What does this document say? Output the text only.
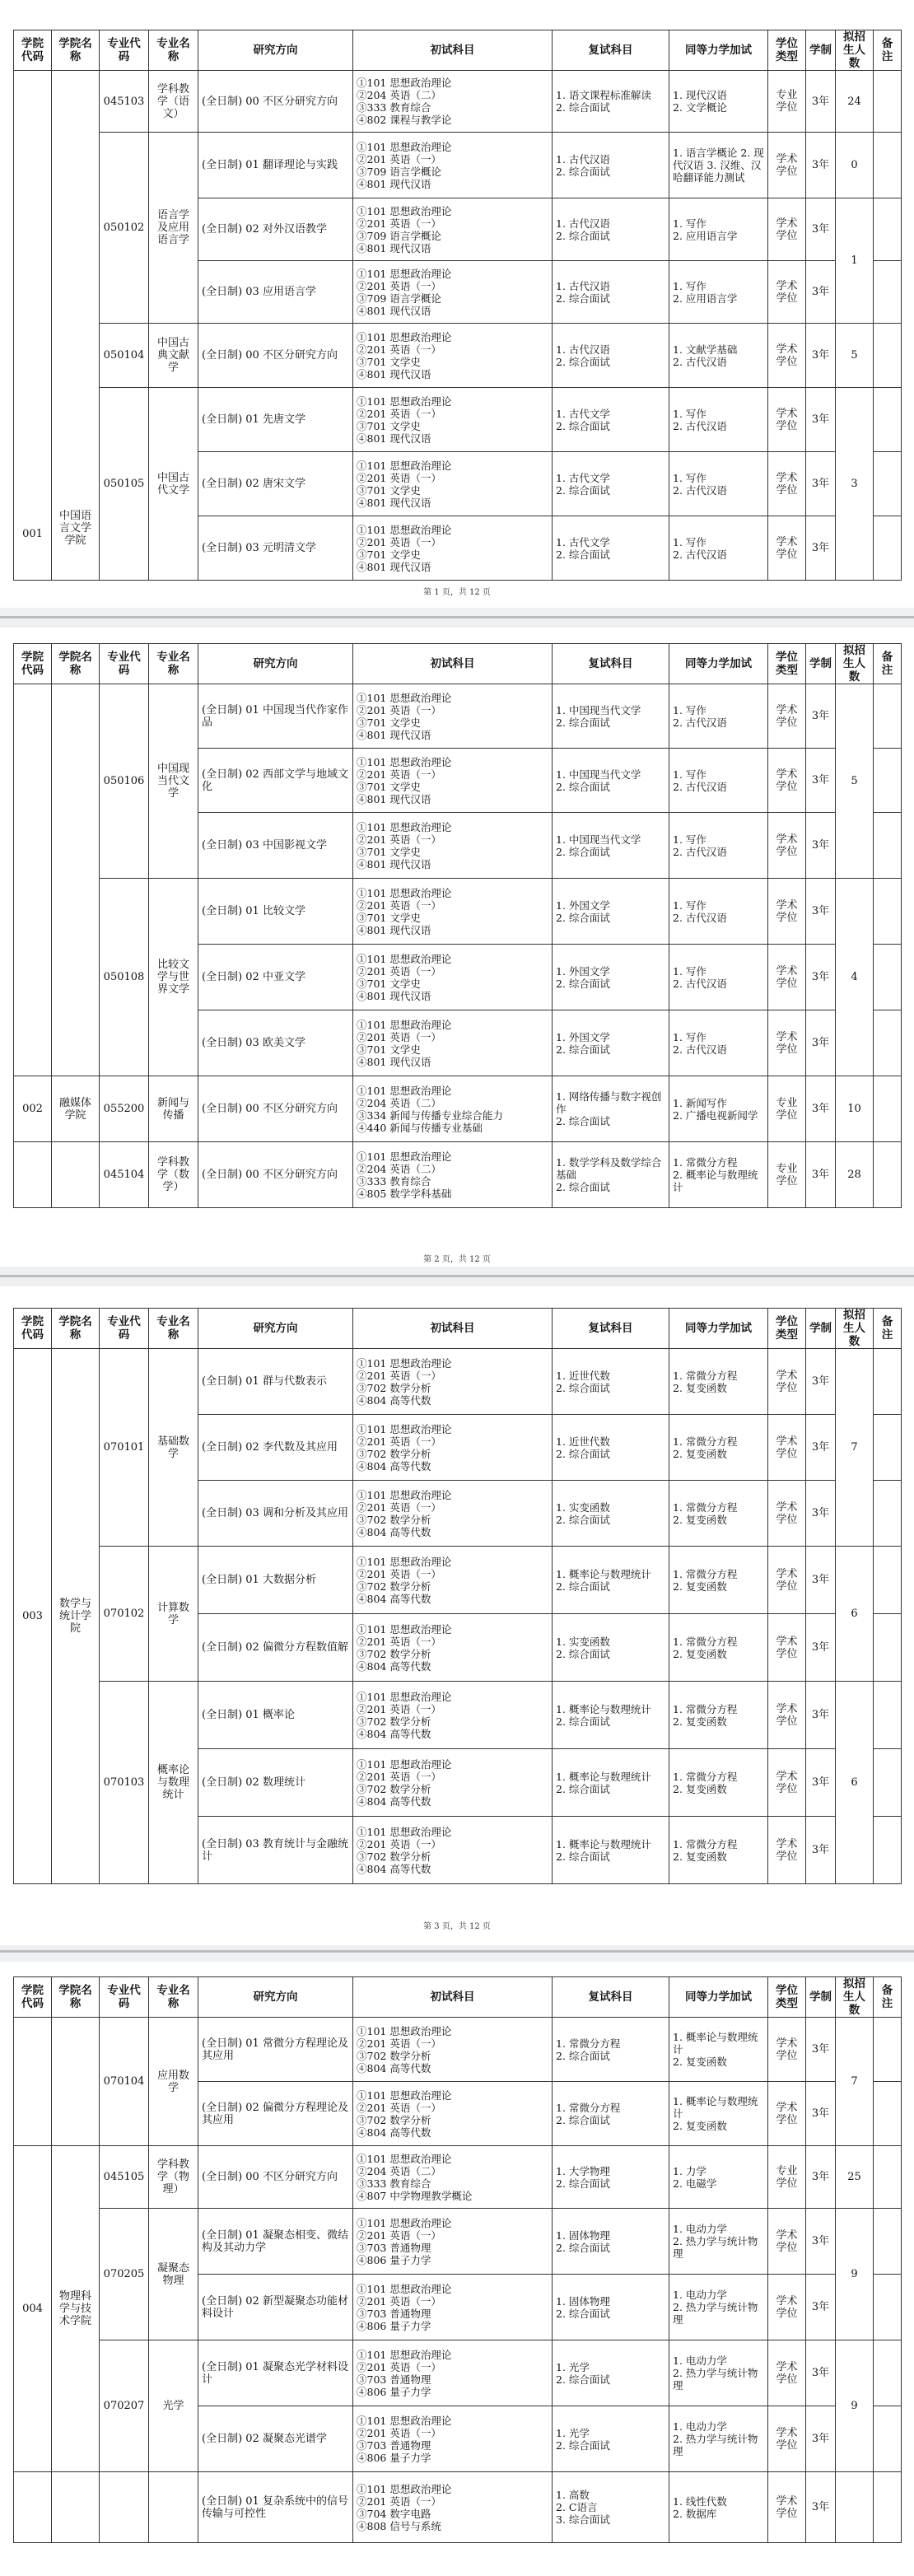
学院代码	学院名称	专业代码	专业名称	研究方向	初试科目	复试科目	同等力学加试	学位类型	学制	拟招生人数	备注
001	中国语言文学学院	045103	学科教学（语文）	(全日制) 00 不区分研究方向	①101 思想政治理论
②204 英语（二）
③333 教育综合
④802 课程与教学论	1. 语文课程标准解读
2. 综合面试	1. 现代汉语
2. 文学概论	专业学位	3年	24	
		050102	语言学及应用语言学	(全日制) 01 翻译理论与实践	①101 思想政治理论
②201 英语（一）
③709 语言学概论
④801 现代汉语	1. 古代汉语
2. 综合面试	1. 语言学概论 2. 现代汉语 3. 汉维、汉哈翻译能力测试	学术学位	3年	0	
				(全日制) 02 对外汉语教学	①101 思想政治理论
②201 英语（一）
③709 语言学概论
④801 现代汉语	1. 古代汉语
2. 综合面试	1. 写作
2. 应用语言学	学术学位	3年	1	
				(全日制) 03 应用语言学	①101 思想政治理论
②201 英语（一）
③709 语言学概论
④801 现代汉语	1. 古代汉语
2. 综合面试	1. 写作
2. 应用语言学	学术学位	3年		
		050104	中国古典文献学	(全日制) 00 不区分研究方向	①101 思想政治理论
②201 英语（一）
③701 文学史
④801 现代汉语	1. 古代汉语
2. 综合面试	1. 文献学基础
2. 古代汉语	学术学位	3年	5	
		050105	中国古代文学	(全日制) 01 先唐文学	①101 思想政治理论
②201 英语（一）
③701 文学史
④801 现代汉语	1. 古代文学
2. 综合面试	1. 写作
2. 古代汉语	学术学位	3年	3	
				(全日制) 02 唐宋文学	①101 思想政治理论
②201 英语（一）
③701 文学史
④801 现代汉语	1. 古代文学
2. 综合面试	1. 写作
2. 古代汉语	学术学位	3年		
				(全日制) 03 元明清文学	①101 思想政治理论
②201 英语（一）
③701 文学史
④801 现代汉语	1. 古代文学
2. 综合面试	1. 写作
2. 古代汉语	学术学位	3年		
第 1 页，共 12 页
学院代码	学院名称	专业代码	专业名称	研究方向	初试科目	复试科目	同等力学加试	学位类型	学制	拟招生人数	备注
		050106	中国现当代文学	(全日制) 01 中国现当代作家作品	①101 思想政治理论
②201 英语（一）
③701 文学史
④801 现代汉语	1. 中国现当代文学
2. 综合面试	1. 写作
2. 古代汉语	学术学位	3年	5	
				(全日制) 02 西部文学与地域文化	①101 思想政治理论
②201 英语（一）
③701 文学史
④801 现代汉语	1. 中国现当代文学
2. 综合面试	1. 写作
2. 古代汉语	学术学位	3年		
				(全日制) 03 中国影视文学	①101 思想政治理论
②201 英语（一）
③701 文学史
④801 现代汉语	1. 中国现当代文学
2. 综合面试	1. 写作
2. 古代汉语	学术学位	3年		
		050108	比较文学与世界文学	(全日制) 01 比较文学	①101 思想政治理论
②201 英语（一）
③701 文学史
④801 现代汉语	1. 外国文学
2. 综合面试	1. 写作
2. 古代汉语	学术学位	3年	4	
				(全日制) 02 中亚文学	①101 思想政治理论
②201 英语（一）
③701 文学史
④801 现代汉语	1. 外国文学
2. 综合面试	1. 写作
2. 古代汉语	学术学位	3年		
				(全日制) 03 欧美文学	①101 思想政治理论
②201 英语（一）
③701 文学史
④801 现代汉语	1. 外国文学
2. 综合面试	1. 写作
2. 古代汉语	学术学位	3年		
002	融媒体学院	055200	新闻与传播	(全日制) 00 不区分研究方向	①101 思想政治理论
②204 英语（二）
③334 新闻与传播专业综合能力
④440 新闻与传播专业基础	1. 网络传播与数字视创作
2. 综合面试	1. 新闻写作
2. 广播电视新闻学	专业学位	3年	10	
		045104	学科教学（数学）	(全日制) 00 不区分研究方向	①101 思想政治理论
②204 英语（二）
③333 教育综合
④805 数学学科基础	1. 数学学科及数学综合基础
2. 综合面试	1. 常微分方程
2. 概率论与数理统计	专业学位	3年	28	
第 2 页，共 12 页
学院代码	学院名称	专业代码	专业名称	研究方向	初试科目	复试科目	同等力学加试	学位类型	学制	拟招生人数	备注
003	数学与统计学院	070101	基础数学	(全日制) 01 群与代数表示	①101 思想政治理论
②201 英语（一）
③702 数学分析
④804 高等代数	1. 近世代数
2. 综合面试	1. 常微分方程
2. 复变函数	学术学位	3年	7	
				(全日制) 02 李代数及其应用	①101 思想政治理论
②201 英语（一）
③702 数学分析
④804 高等代数	1. 近世代数
2. 综合面试	1. 常微分方程
2. 复变函数	学术学位	3年		
				(全日制) 03 调和分析及其应用	①101 思想政治理论
②201 英语（一）
③702 数学分析
④804 高等代数	1. 实变函数
2. 综合面试	1. 常微分方程
2. 复变函数	学术学位	3年		
		070102	计算数学	(全日制) 01 大数据分析	①101 思想政治理论
②201 英语（一）
③702 数学分析
④804 高等代数	1. 概率论与数理统计
2. 综合面试	1. 常微分方程
2. 复变函数	学术学位	3年	6	
				(全日制) 02 偏微分方程数值解	①101 思想政治理论
②201 英语（一）
③702 数学分析
④804 高等代数	1. 实变函数
2. 综合面试	1. 常微分方程
2. 复变函数	学术学位	3年		
		070103	概率论与数理统计	(全日制) 01 概率论	①101 思想政治理论
②201 英语（一）
③702 数学分析
④804 高等代数	1. 概率论与数理统计
2. 综合面试	1. 常微分方程
2. 复变函数	学术学位	3年	6	
				(全日制) 02 数理统计	①101 思想政治理论
②201 英语（一）
③702 数学分析
④804 高等代数	1. 概率论与数理统计
2. 综合面试	1. 常微分方程
2. 复变函数	学术学位	3年		
				(全日制) 03 教育统计与金融统计	①101 思想政治理论
②201 英语（一）
③702 数学分析
④804 高等代数	1. 概率论与数理统计
2. 综合面试	1. 常微分方程
2. 复变函数	学术学位	3年		
第 3 页，共 12 页
学院代码	学院名称	专业代码	专业名称	研究方向	初试科目	复试科目	同等力学加试	学位类型	学制	拟招生人数	备注
		070104	应用数学	(全日制) 01 常微分方程理论及其应用	①101 思想政治理论
②201 英语（一）
③702 数学分析
④804 高等代数	1. 常微分方程
2. 综合面试	1. 概率论与数理统计
2. 复变函数	学术学位	3年	7	
				(全日制) 02 偏微分方程理论及其应用	①101 思想政治理论
②201 英语（一）
③702 数学分析
④804 高等代数	1. 常微分方程
2. 综合面试	1. 概率论与数理统计
2. 复变函数	学术学位	3年		
004	物理科学与技术学院	045105	学科教学（物理）	(全日制) 00 不区分研究方向	①101 思想政治理论
②204 英语（二）
③333 教育综合
④807 中学物理教学概论	1. 大学物理
2. 综合面试	1. 力学
2. 电磁学	专业学位	3年	25	
		070205	凝聚态物理	(全日制) 01 凝聚态相变、微结构及其动力学	①101 思想政治理论
②201 英语（一）
③703 普通物理
④806 量子力学	1. 固体物理
2. 综合面试	1. 电动力学
2. 热力学与统计物理	学术学位	3年	9	
				(全日制) 02 新型凝聚态功能材料设计	①101 思想政治理论
②201 英语（一）
③703 普通物理
④806 量子力学	1. 固体物理
2. 综合面试	1. 电动力学
2. 热力学与统计物理	学术学位	3年		
		070207	光学	(全日制) 01 凝聚态光学材料设计	①101 思想政治理论
②201 英语（一）
③703 普通物理
④806 量子力学	1. 光学
2. 综合面试	1. 电动力学
2. 热力学与统计物理	学术学位	3年	9	
				(全日制) 02 凝聚态光谱学	①101 思想政治理论
②201 英语（一）
③703 普通物理
④806 量子力学	1. 光学
2. 综合面试	1. 电动力学
2. 热力学与统计物理	学术学位	3年		
				(全日制) 01 复杂系统中的信号传输与可控性	①101 思想政治理论
②201 英语（一）
③704 数字电路
④808 信号与系统	1. 高数
2. C语言
3. 综合面试	1. 线性代数
2. 数据库	学术学位	3年		
